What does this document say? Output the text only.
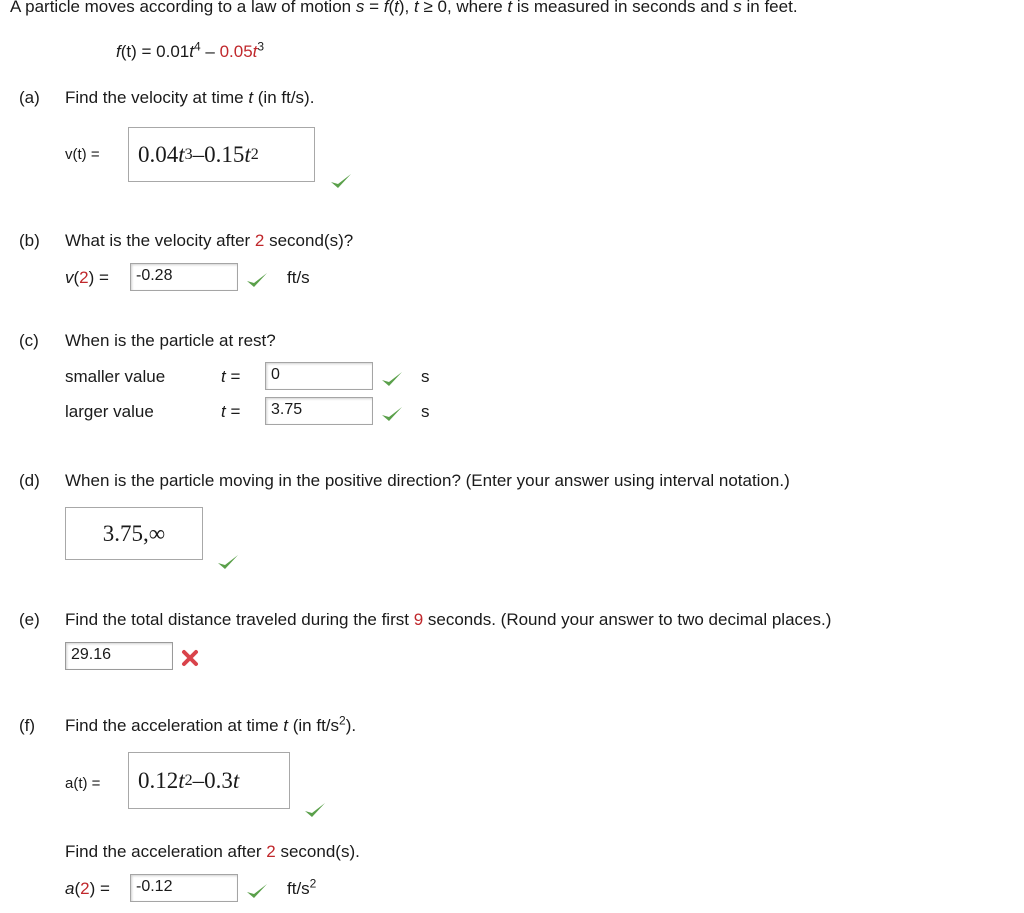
A particle moves according to a law of motion s = f(t), t ≥ 0, where t is measured in seconds and s in feet.
$f(t) = 0.01t^4 - 0.05t^3$
(a) Find the velocity at time t (in ft/s).
v(t) = 0.04 t 3 – 0.15 t 2
(b) What is the velocity after 2 second(s)?
v(2) =	-0.28	ft/s
(c) When is the particle at rest?
smaller value	t =	0	s
larger value	t =	3.75	s
(d) When is the particle moving in the positive direction? (Enter your answer using interval notation.)
3.75,∞
(e) Find the total distance traveled during the first 9 seconds. (Round your answer to two decimal places.)
29.16
(f) Find the acceleration at time t (in $ft/s^2$).
a(t) = 0.12 t 2 – 0.3 t
Find the acceleration after 2 second(s).
a(2) =	-0.12	$ft/s^2$
